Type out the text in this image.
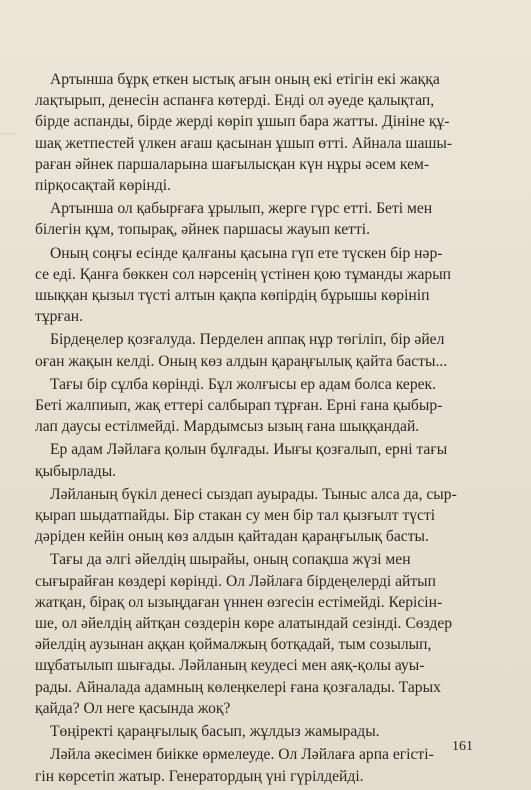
﹏

Артынша бұрқ еткен ыстық ағын оның екі етігін екі жаққа
лақтырып, денесін аспанға көтерді. Енді ол әуеде қалықтап,
бірде аспанды, бірде жерді көріп ұшып бара жатты. Дініне құ-
шақ жетпестей үлкен ағаш қасынан ұшып өтті. Айнала шашы-
раған әйнек паршаларына шағылысқан күн нұры әсем кем-
пірқосақтай көрінді.

Артынша ол қабырғаға ұрылып, жерге гүрс етті. Беті мен
білегін құм, топырақ, әйнек паршасы жауып кетті.

Оның соңғы есінде қалғаны қасына гүп ете түскен бір нәр-
се еді. Қанға бөккен сол нәрсенің үстінен қою тұманды жарып
шыққан қызыл түсті алтын қақпа көпірдің бұрышы көрініп
тұрған.

Бірдеңелер қозғалуда. Перделен аппақ нұр төгіліп, бір әйел
оған жақын келді. Оның көз алдын қараңғылық қайта басты...

Тағы бір сұлба көрінді. Бұл жолғысы ер адам болса керек.
Беті жалпиып, жақ еттері салбырап тұрған. Ерні ғана қыбыр-
лап даусы естілмейді. Мардымсыз ызың ғана шыққандай.

Ер адам Ләйлаға қолын бұлғады. Иығы қозғалып, ерні тағы
қыбырлады.

Ләйланың бүкіл денесі сыздап ауырады. Тыныс алса да, сыр-
қырап шыдатпайды. Бір стакан су мен бір тал қызғылт түсті
дәріден кейін оның көз алдын қайтадан қараңғылық басты.

Тағы да әлгі әйелдің шырайы, оның сопақша жүзі мен
сығырайған көздері көрінді. Ол Ләйлаға бірдеңелерді айтып
жатқан, бірақ ол ызыңдаған үннен өзгесін естімейді. Керісін-
ше, ол әйелдің айтқан сөздерін көре алатындай сезінді. Сөздер
әйелдің аузынан аққан қоймалжың ботқадай, тым созылып,
шұбатылып шығады. Ләйланың кеудесі мен аяқ-қолы ауы-
рады. Айналада адамның көлеңкелері ғана қозғалады. Тарых
қайда? Ол неге қасында жоқ?

Төңіректі қараңғылық басып, жұлдыз жамырады.

Ләйла әкесімен биікке өрмелеуде. Ол Ләйлаға арпа егісті-
гін көрсетіп жатыр. Генератордың үні гүрілдейді.

161
